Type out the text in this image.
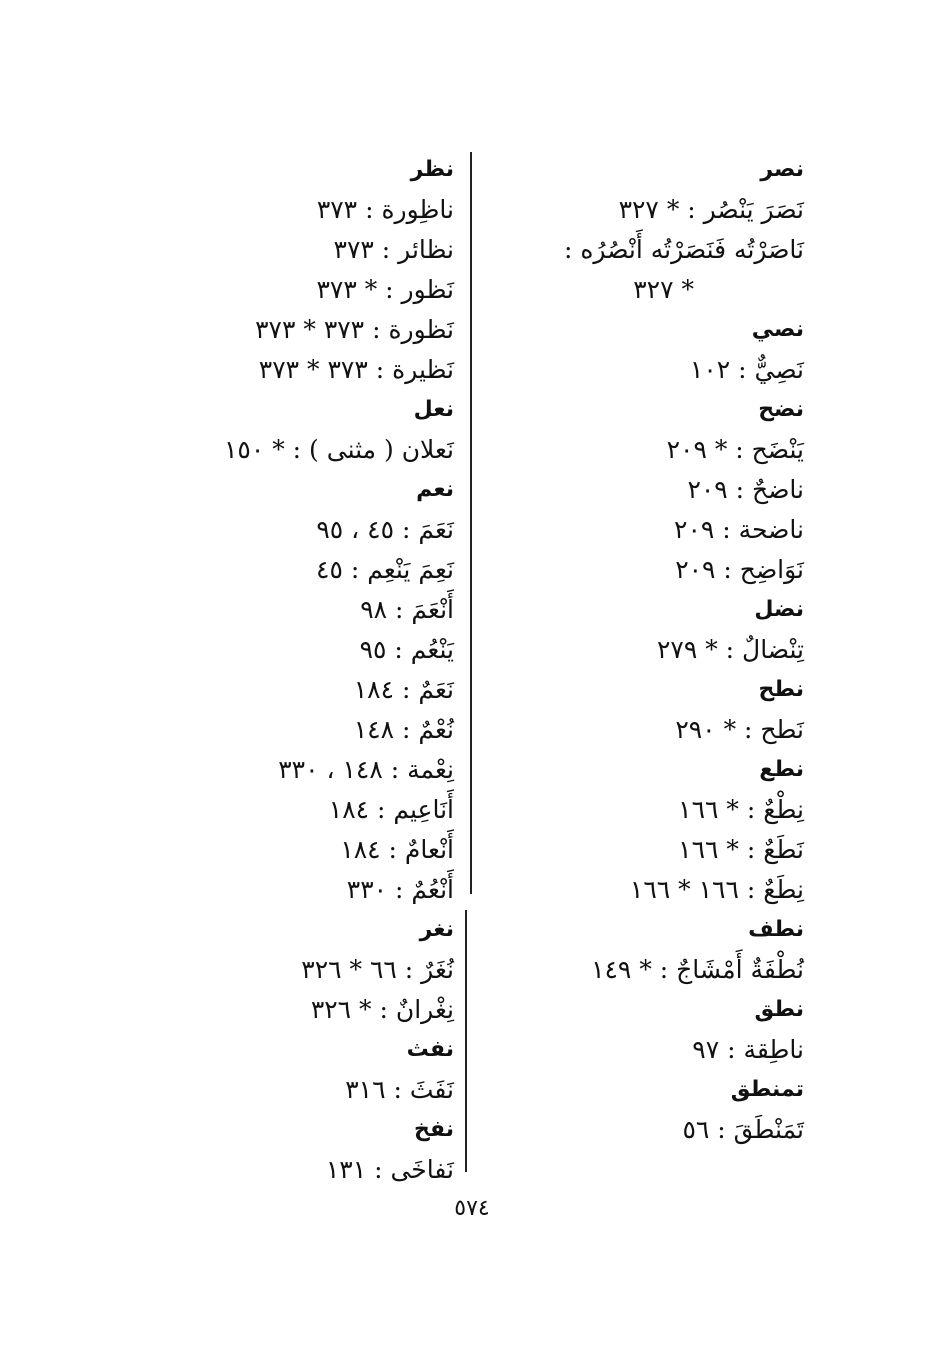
نصر
نَصَرَ يَنْصُر : * ٣٢٧
نَاصَرْتُه فَنَصَرْتُه أَنْصُرُه :
* ٣٢٧
نصي
نَصِيٌّ : ١٠٢
نضح
يَنْضَح : * ٢٠٩
ناضحٌ : ٢٠٩
ناضحة : ٢٠٩
نَوَاضِح : ٢٠٩
نضل
تِنْضالٌ : * ٢٧٩
نطح
نَطح : * ٢٩٠
نطع
نِطْعٌ : * ١٦٦
نَطَعٌ : * ١٦٦
نِطَعٌ : ١٦٦ * ١٦٦
نطف
نُطْفَةٌ أَمْشَاجٌ : * ١٤٩
نطق
ناطِقة : ٩٧
تمنطق
تَمَنْطَقَ : ٥٦
نظر
ناظِورة : ٣٧٣
نظائر : ٣٧٣
نَظور : * ٣٧٣
نَظورة : ٣٧٣ * ٣٧٣
نَظيرة : ٣٧٣ * ٣٧٣
نعل
نَعلان ( مثنى ) : * ١٥٠
نعم
نَعَمَ : ٤٥ ، ٩٥
نَعِمَ يَنْعِم : ٤٥
أَنْعَمَ : ٩٨
يَنْعُم : ٩٥
نَعَمٌ : ١٨٤
نُعْمٌ : ١٤٨
نِعْمة : ١٤٨ ، ٣٣٠
أَنَاعِيم : ١٨٤
أَنْعامٌ : ١٨٤
أَنْعُمٌ : ٣٣٠
نغر
نُغَرٌ : ٦٦ * ٣٢٦
نِغْرانٌ : * ٣٢٦
نفث
نَفَثَ : ٣١٦
نفخ
نَفاخَى : ١٣١
٥٧٤
